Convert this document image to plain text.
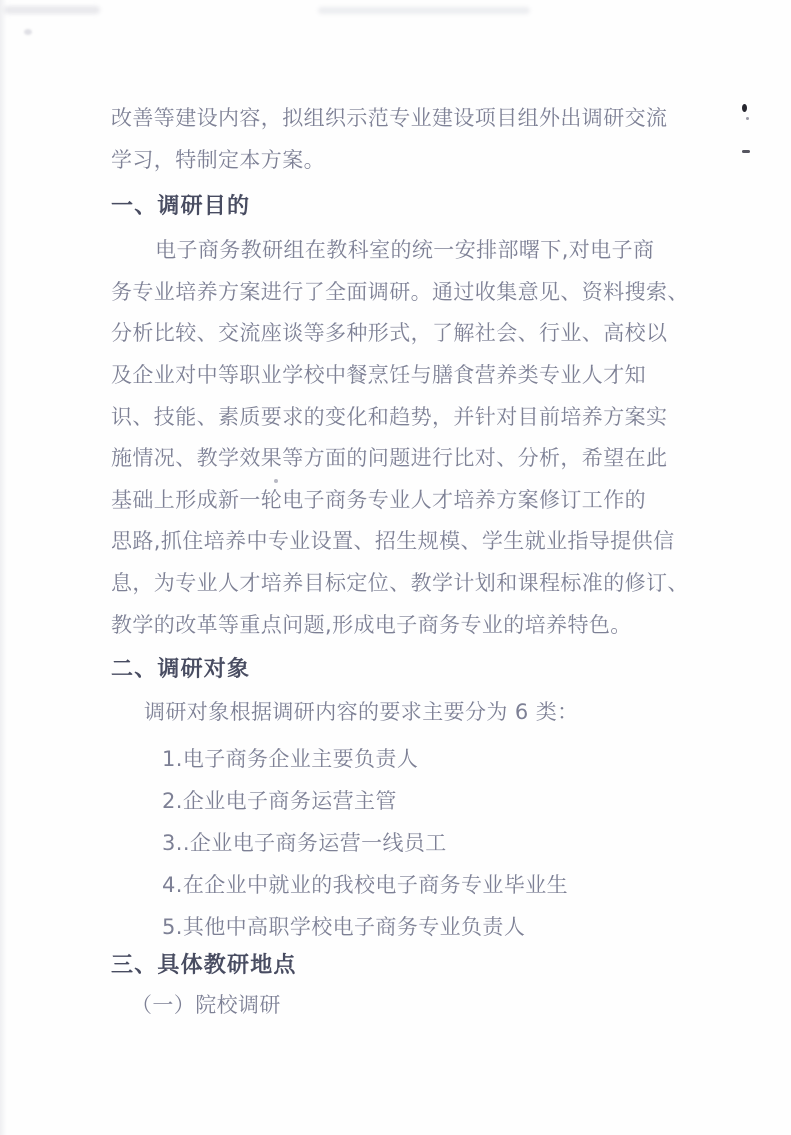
改善等建设内容，拟组织示范专业建设项目组外出调研交流
学习，特制定本方案。
一、调研目的
电子商务教研组在教科室的统一安排部曙下,对电子商
务专业培养方案进行了全面调研。通过收集意见、资料搜索、
分析比较、交流座谈等多种形式，了解社会、行业、高校以
及企业对中等职业学校中餐烹饪与膳食营养类专业人才知
识、技能、素质要求的变化和趋势，并针对目前培养方案实
施情况、教学效果等方面的问题进行比对、分析，希望在此
基础上形成新一轮电子商务专业人才培养方案修订工作的
思路,抓住培养中专业设置、招生规模、学生就业指导提供信
息，为专业人才培养目标定位、教学计划和课程标准的修订、
教学的改革等重点问题,形成电子商务专业的培养特色。
二、调研对象
调研对象根据调研内容的要求主要分为 6 类：
1.电子商务企业主要负责人
2.企业电子商务运营主管
3..企业电子商务运营一线员工
4.在企业中就业的我校电子商务专业毕业生
5.其他中高职学校电子商务专业负责人
三、具体教研地点
（一）院校调研
